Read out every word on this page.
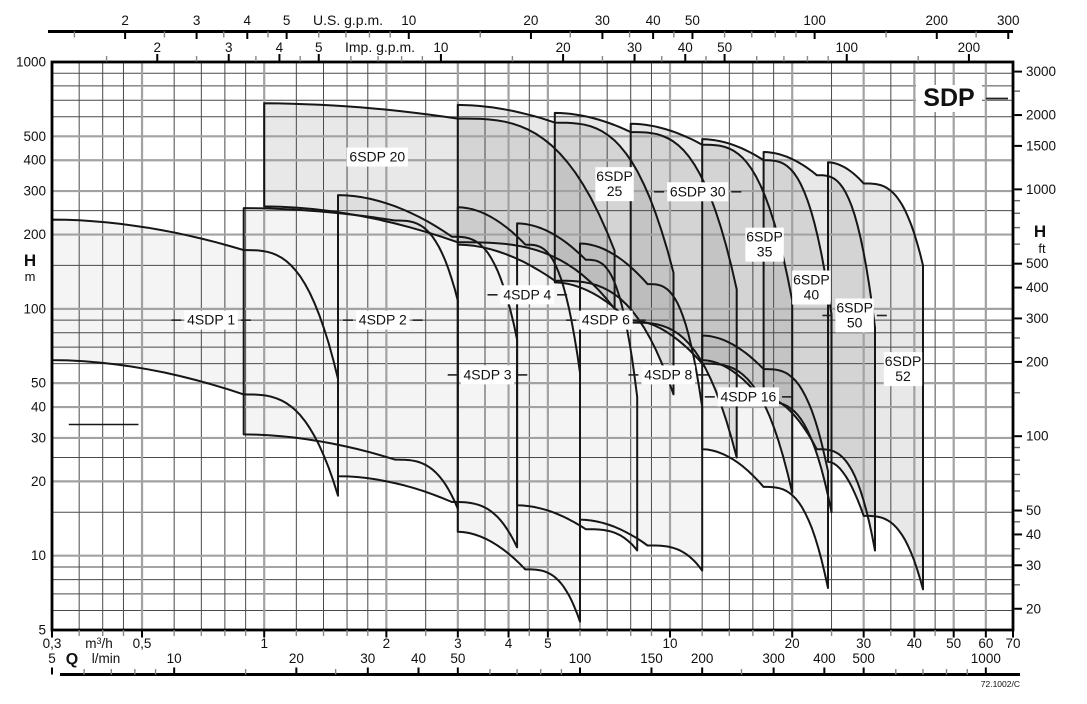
2	3	4 5	10	20	30	40 50	100	200	300
U.S. g.p.m.
2	3	4 5	10	20	30	40 50	100	200
Imp. g.p.m.
0,3	0,5	1	2	3	4 5	10	20	30	40 50 60 70
$m^3/h$
Q l/min
5	10	20	30	40 50	100	150 200	300 400 500	1000
1000
500
400
300
200
100
50
40
30
20
10
5
H
m
3000
2000
1500
1000
500
400
300
200
100
50
40
30
20
H
ft
72.1002/C
4SDP 1	4SDP 2
4SDP 3
4SDP 4
4SDP 6
4SDP 8
4SDP 16
6SDP 20
6SDP
25	6SDP 30
6SDP
35
6SDP
40
6SDP
50
6SDP
52
SDP
